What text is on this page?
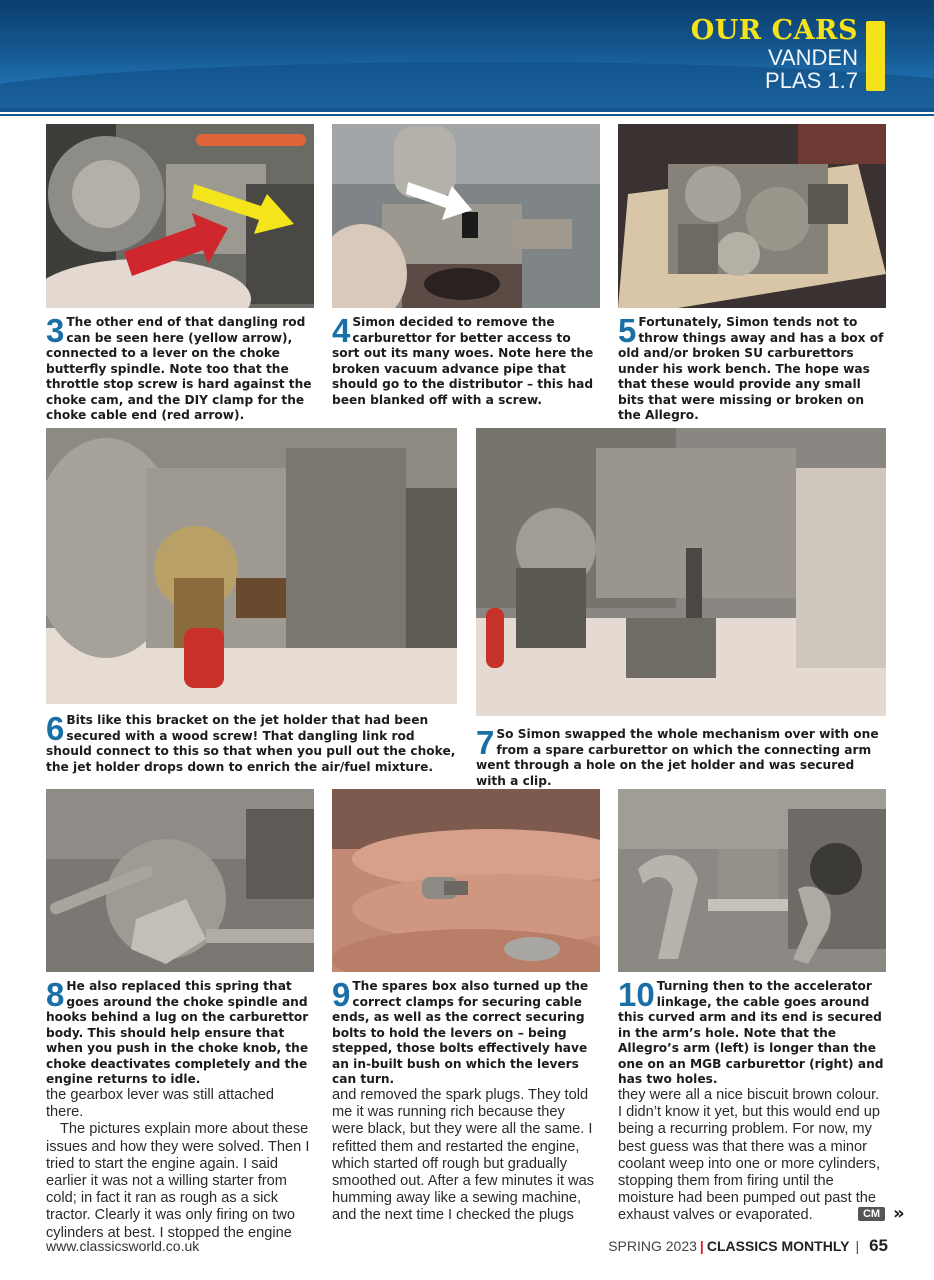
OUR CARS
VANDEN
PLAS 1.7
3 The other end of that dangling rod can be seen here (yellow arrow), connected to a lever on the choke butterfly spindle. Note too that the throttle stop screw is hard against the choke cam, and the DIY clamp for the choke cable end (red arrow).
4 Simon decided to remove the carburettor for better access to sort out its many woes. Note here the broken vacuum advance pipe that should go to the distributor – this had been blanked off with a screw.
5 Fortunately, Simon tends not to throw things away and has a box of old and/or broken SU carburettors under his work bench. The hope was that these would provide any small bits that were missing or broken on the Allegro.
6 Bits like this bracket on the jet holder that had been secured with a wood screw! That dangling link rod should connect to this so that when you pull out the choke, the jet holder drops down to enrich the air/fuel mixture.
7 So Simon swapped the whole mechanism over with one from a spare carburettor on which the connecting arm went through a hole on the jet holder and was secured with a clip.
8 He also replaced this spring that goes around the choke spindle and hooks behind a lug on the carburettor body. This should help ensure that when you push in the choke knob, the choke deactivates completely and the engine returns to idle.
9 The spares box also turned up the correct clamps for securing cable ends, as well as the correct securing bolts to hold the levers on – being stepped, those bolts effectively have an in-built bush on which the levers can turn.
10 Turning then to the accelerator linkage, the cable goes around this curved arm and its end is secured in the arm’s hole. Note that the Allegro’s arm (left) is longer than the one on an MGB carburettor (right) and has two holes.

the gearbox lever was still attached there.

The pictures explain more about these issues and how they were solved. Then I tried to start the engine again. I said earlier it was not a willing starter from cold; in fact it ran as rough as a sick tractor. Clearly it was only firing on two cylinders at best. I stopped the engine

and removed the spark plugs. They told me it was running rich because they were black, but they were all the same. I refitted them and restarted the engine, which started off rough but gradually smoothed out. After a few minutes it was humming away like a sewing machine, and the next time I checked the plugs

they were all a nice biscuit brown colour. I didn’t know it yet, but this would end up being a recurring problem. For now, my best guess was that there was a minor coolant weep into one or more cylinders, stopping them from firing until the moisture had been pumped out past the exhaust valves or evaporated.	CM »
www.classicsworld.co.uk	SPRING 2023 | CLASSICS MONTHLY | 65
